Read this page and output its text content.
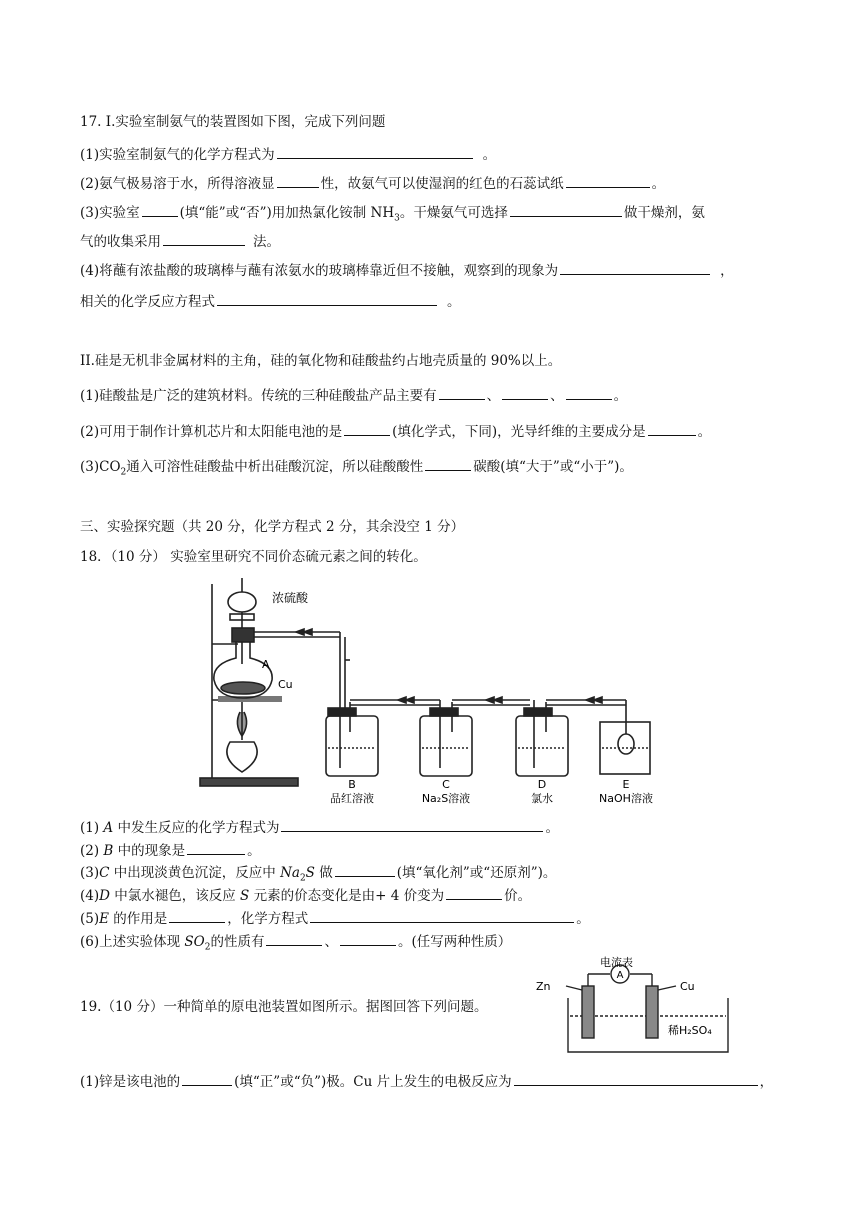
17. Ⅰ.实验室制氨气的装置图如下图，完成下列问题
(1)实验室制氨气的化学方程式为	。
(2)氨气极易溶于水，所得溶液显	性，故氨气可以使湿润的红色的石蕊试纸	。
(3)实验室	(填“能”或“否”)用加热氯化铵制 $NH_3$。干燥氨气可选择	做干燥剂，氨
气的收集采用	法。
(4)将蘸有浓盐酸的玻璃棒与蘸有浓氨水的玻璃棒靠近但不接触，观察到的现象为	，
相关的化学反应方程式	。
II.硅是无机非金属材料的主角，硅的氧化物和硅酸盐约占地壳质量的 90%以上。
(1)硅酸盐是广泛的建筑材料。传统的三种硅酸盐产品主要有	、	、	。
(2)可用于制作计算机芯片和太阳能电池的是	(填化学式，下同)，光导纤维的主要成分是	。
$(3)CO_2$通入可溶性硅酸盐中析出硅酸沉淀，所以硅酸酸性	碳酸(填“大于”或“小于”)。
三、实验探究题（共 20 分，化学方程式 2 分，其余没空 1 分）
18．（10 分） 实验室里研究不同价态硫元素之间的转化。
浓硫酸
A
Cu
B
品红溶液
C
Na₂S溶液
D
氯水
E
NaOH溶液
(1) A 中发生反应的化学方程式为	。
(2) B 中的现象是	。
(3)C 中出现淡黄色沉淀，反应中 $Na_2S$ 做	(填“氧化剂”或“还原剂”)。
(4)D 中氯水褪色，该反应 S 元素的价态变化是由+ 4 价变为	价。
(5)E 的作用是	，化学方程式	。
(6)上述实验体现 $SO_2$的性质有	、	。(任写两种性质）
电流表
A
Zn	Cu
稀H₂SO₄
19.（10 分）一种简单的原电池装置如图所示。据图回答下列问题。
(1)锌是该电池的	(填“正”或“负”)极。Cu 片上发生的电极反应为	，
